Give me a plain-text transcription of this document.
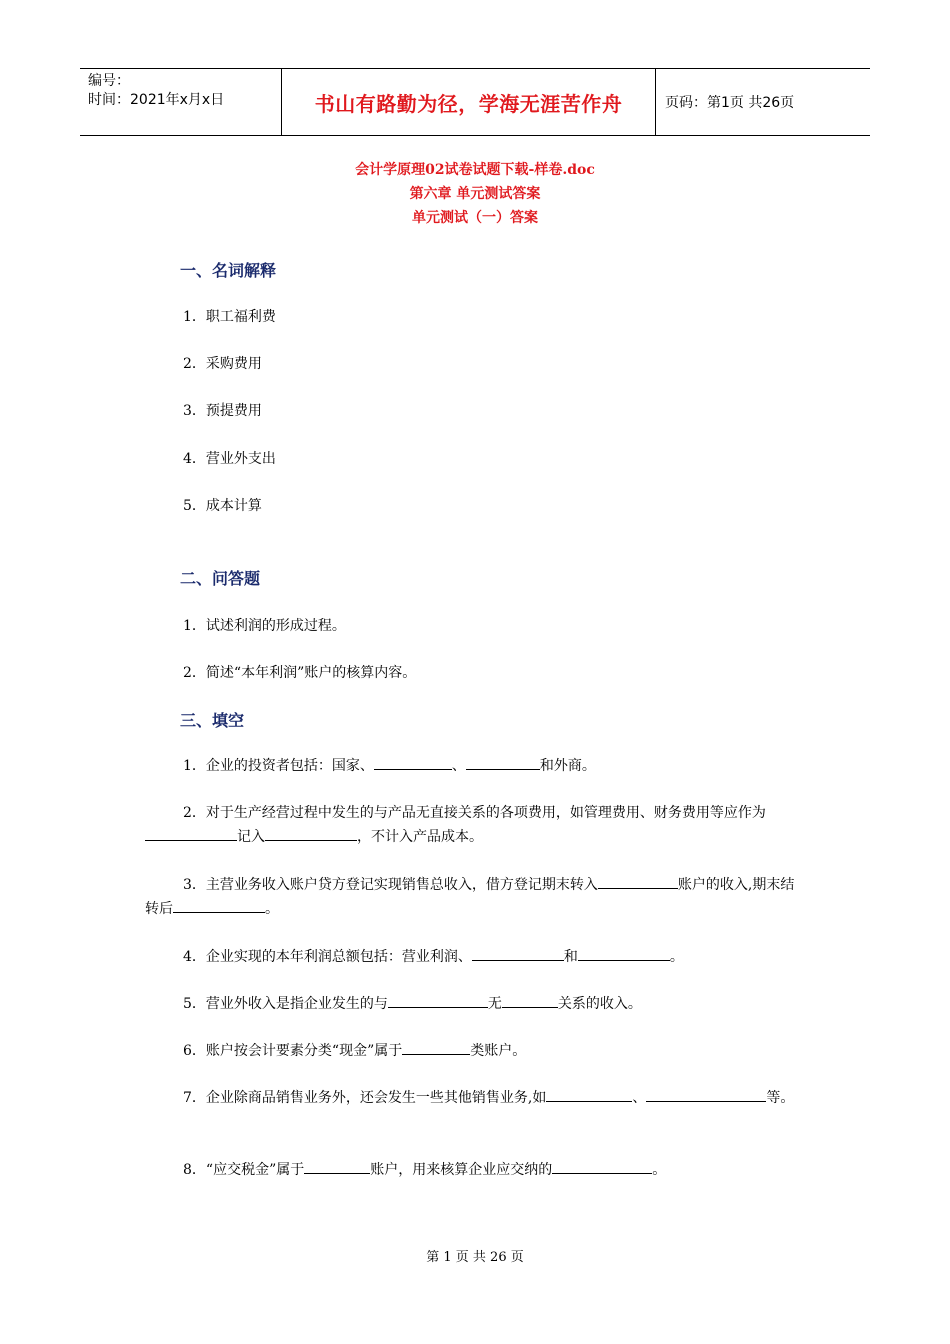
编号：
时间：2021年x月x日	书山有路勤为径，学海无涯苦作舟	页码：第1页 共26页
会计学原理02试卷试题下载-样卷.doc
第六章 单元测试答案
单元测试（一）答案
一、名词解释
1．职工福利费
2．采购费用
3．预提费用
4．营业外支出
5．成本计算
二、问答题
1．试述利润的形成过程。
2．简述“本年利润”账户的核算内容。
三、填空
1．企业的投资者包括：国家、	、	和外商。
2．对于生产经营过程中发生的与产品无直接关系的各项费用，如管理费用、财务费用等应作为记入	，不计入产品成本。
3．主营业务收入账户贷方登记实现销售总收入，借方登记期末转入	账户的收入,期末结转后	。
4．企业实现的本年利润总额包括：营业利润、	和	。
5．营业外收入是指企业发生的与	无	关系的收入。
6．账户按会计要素分类“现金”属于	类账户。
7．企业除商品销售业务外，还会发生一些其他销售业务,如	、	等。
8．“应交税金”属于	账户，用来核算企业应交纳的	。
第 1 页 共 26 页
